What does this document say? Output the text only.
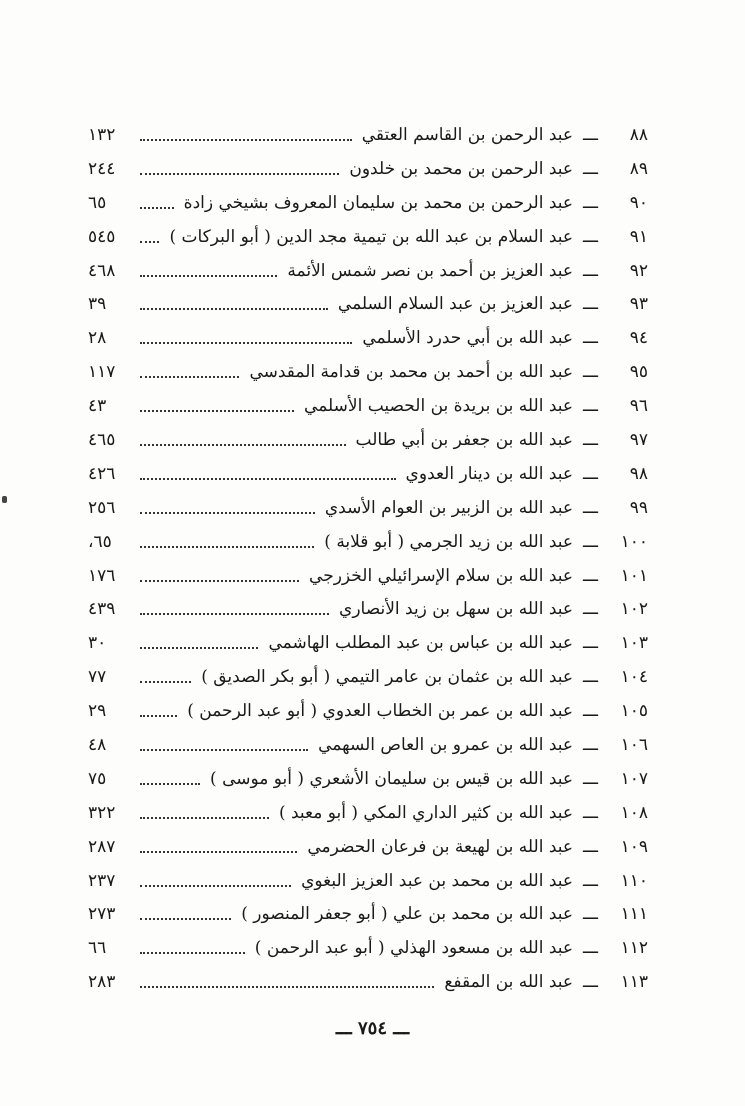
٨٨
ـــ
عبد الرحمن بن القاسم العتقي
١٣٢
٨٩
ـــ
عبد الرحمن بن محمد بن خلدون
٢٤٤
٩٠
ـــ
عبد الرحمن بن محمد بن سليمان المعروف بشيخي زادة
٦٥
٩١
ـــ
عبد السلام بن عبد الله بن تيمية مجد الدين ( أبو البركات )
٥٤٥
٩٢
ـــ
عبد العزيز بن أحمد بن نصر شمس الأئمة
٤٦٨
٩٣
ـــ
عبد العزيز بن عبد السلام السلمي
٣٩
٩٤
ـــ
عبد الله بن أبي حدرد الأسلمي
٢٨
٩٥
ـــ
عبد الله بن أحمد بن محمد بن قدامة المقدسي
١١٧
٩٦
ـــ
عبد الله بن بريدة بن الحصيب الأسلمي
٤٣
٩٧
ـــ
عبد الله بن جعفر بن أبي طالب
٤٦٥
٩٨
ـــ
عبد الله بن دينار العدوي
٤٢٦
٩٩
ـــ
عبد الله بن الزبير بن العوام الأسدي
٢٥٦
١٠٠
ـــ
عبد الله بن زيد الجرمي ( أبو قلابة )
٦٥،
١٠١
ـــ
عبد الله بن سلام الإسرائيلي الخزرجي
١٧٦
١٠٢
ـــ
عبد الله بن سهل بن زيد الأنصاري
٤٣٩
١٠٣
ـــ
عبد الله بن عباس بن عبد المطلب الهاشمي
٣٠
١٠٤
ـــ
عبد الله بن عثمان بن عامر التيمي ( أبو بكر الصديق )
٧٧
١٠٥
ـــ
عبد الله بن عمر بن الخطاب العدوي ( أبو عبد الرحمن )
٢٩
١٠٦
ـــ
عبد الله بن عمرو بن العاص السهمي
٤٨
١٠٧
ـــ
عبد الله بن قيس بن سليمان الأشعري ( أبو موسى )
٧٥
١٠٨
ـــ
عبد الله بن كثير الداري المكي ( أبو معبد )
٣٢٢
١٠٩
ـــ
عبد الله بن لهيعة بن فرعان الحضرمي
٢٨٧
١١٠
ـــ
عبد الله بن محمد بن عبد العزيز البغوي
٢٣٧
١١١
ـــ
عبد الله بن محمد بن علي ( أبو جعفر المنصور )
٢٧٣
١١٢
ـــ
عبد الله بن مسعود الهذلي ( أبو عبد الرحمن )
٦٦
١١٣
ـــ
عبد الله بن المقفع
٢٨٣
ـــ ٧٥٤ ـــ
